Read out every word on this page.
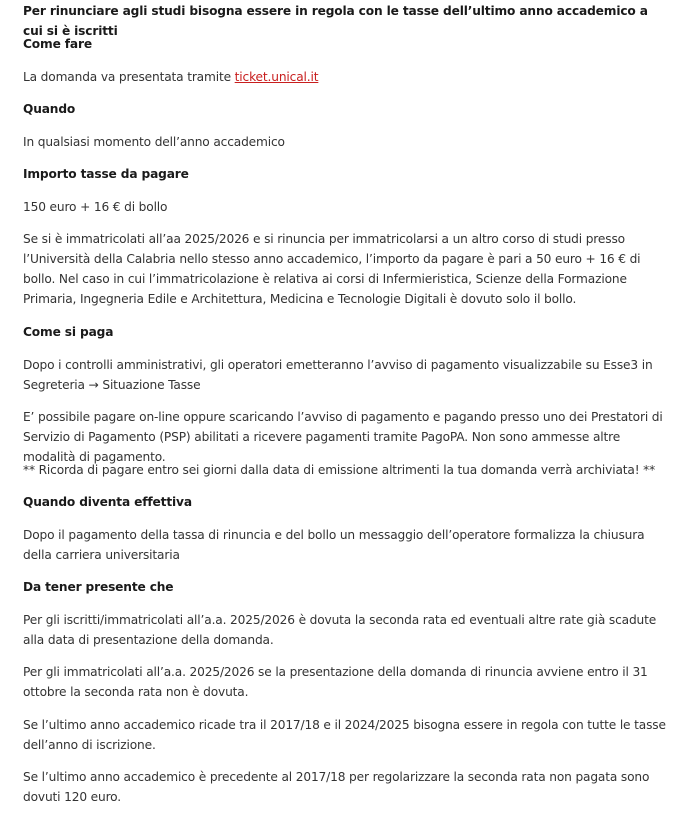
Per rinunciare agli studi bisogna essere in regola con le tasse dell’ultimo anno accademico a cui si è iscritti
Come fare
La domanda va presentata tramite ticket.unical.it
Quando
In qualsiasi momento dell’anno accademico
Importo tasse da pagare
150 euro + 16 € di bollo
Se si è immatricolati all’aa 2025/2026 e si rinuncia per immatricolarsi a un altro corso di studi presso l’Università della Calabria nello stesso anno accademico, l’importo da pagare è pari a 50 euro + 16 € di bollo. Nel caso in cui l’immatricolazione è relativa ai corsi di Infermieristica, Scienze della Formazione Primaria, Ingegneria Edile e Architettura, Medicina e Tecnologie Digitali è dovuto solo il bollo.
Come si paga
Dopo i controlli amministrativi, gli operatori emetteranno l’avviso di pagamento visualizzabile su Esse3 in Segreteria → Situazione Tasse
E’ possibile pagare on-line oppure scaricando l’avviso di pagamento e pagando presso uno dei Prestatori di Servizio di Pagamento (PSP) abilitati a ricevere pagamenti tramite PagoPA. Non sono ammesse altre modalità di pagamento.
** Ricorda di pagare entro sei giorni dalla data di emissione altrimenti la tua domanda verrà archiviata! **
Quando diventa effettiva
Dopo il pagamento della tassa di rinuncia e del bollo un messaggio dell’operatore formalizza la chiusura della carriera universitaria
Da tener presente che
Per gli iscritti/immatricolati all’a.a. 2025/2026 è dovuta la seconda rata ed eventuali altre rate già scadute alla data di presentazione della domanda.
Per gli immatricolati all’a.a. 2025/2026 se la presentazione della domanda di rinuncia avviene entro il 31 ottobre la seconda rata non è dovuta.
Se l’ultimo anno accademico ricade tra il 2017/18 e il 2024/2025 bisogna essere in regola con tutte le tasse dell’anno di iscrizione.
Se l’ultimo anno accademico è precedente al 2017/18 per regolarizzare la seconda rata non pagata sono dovuti 120 euro.
